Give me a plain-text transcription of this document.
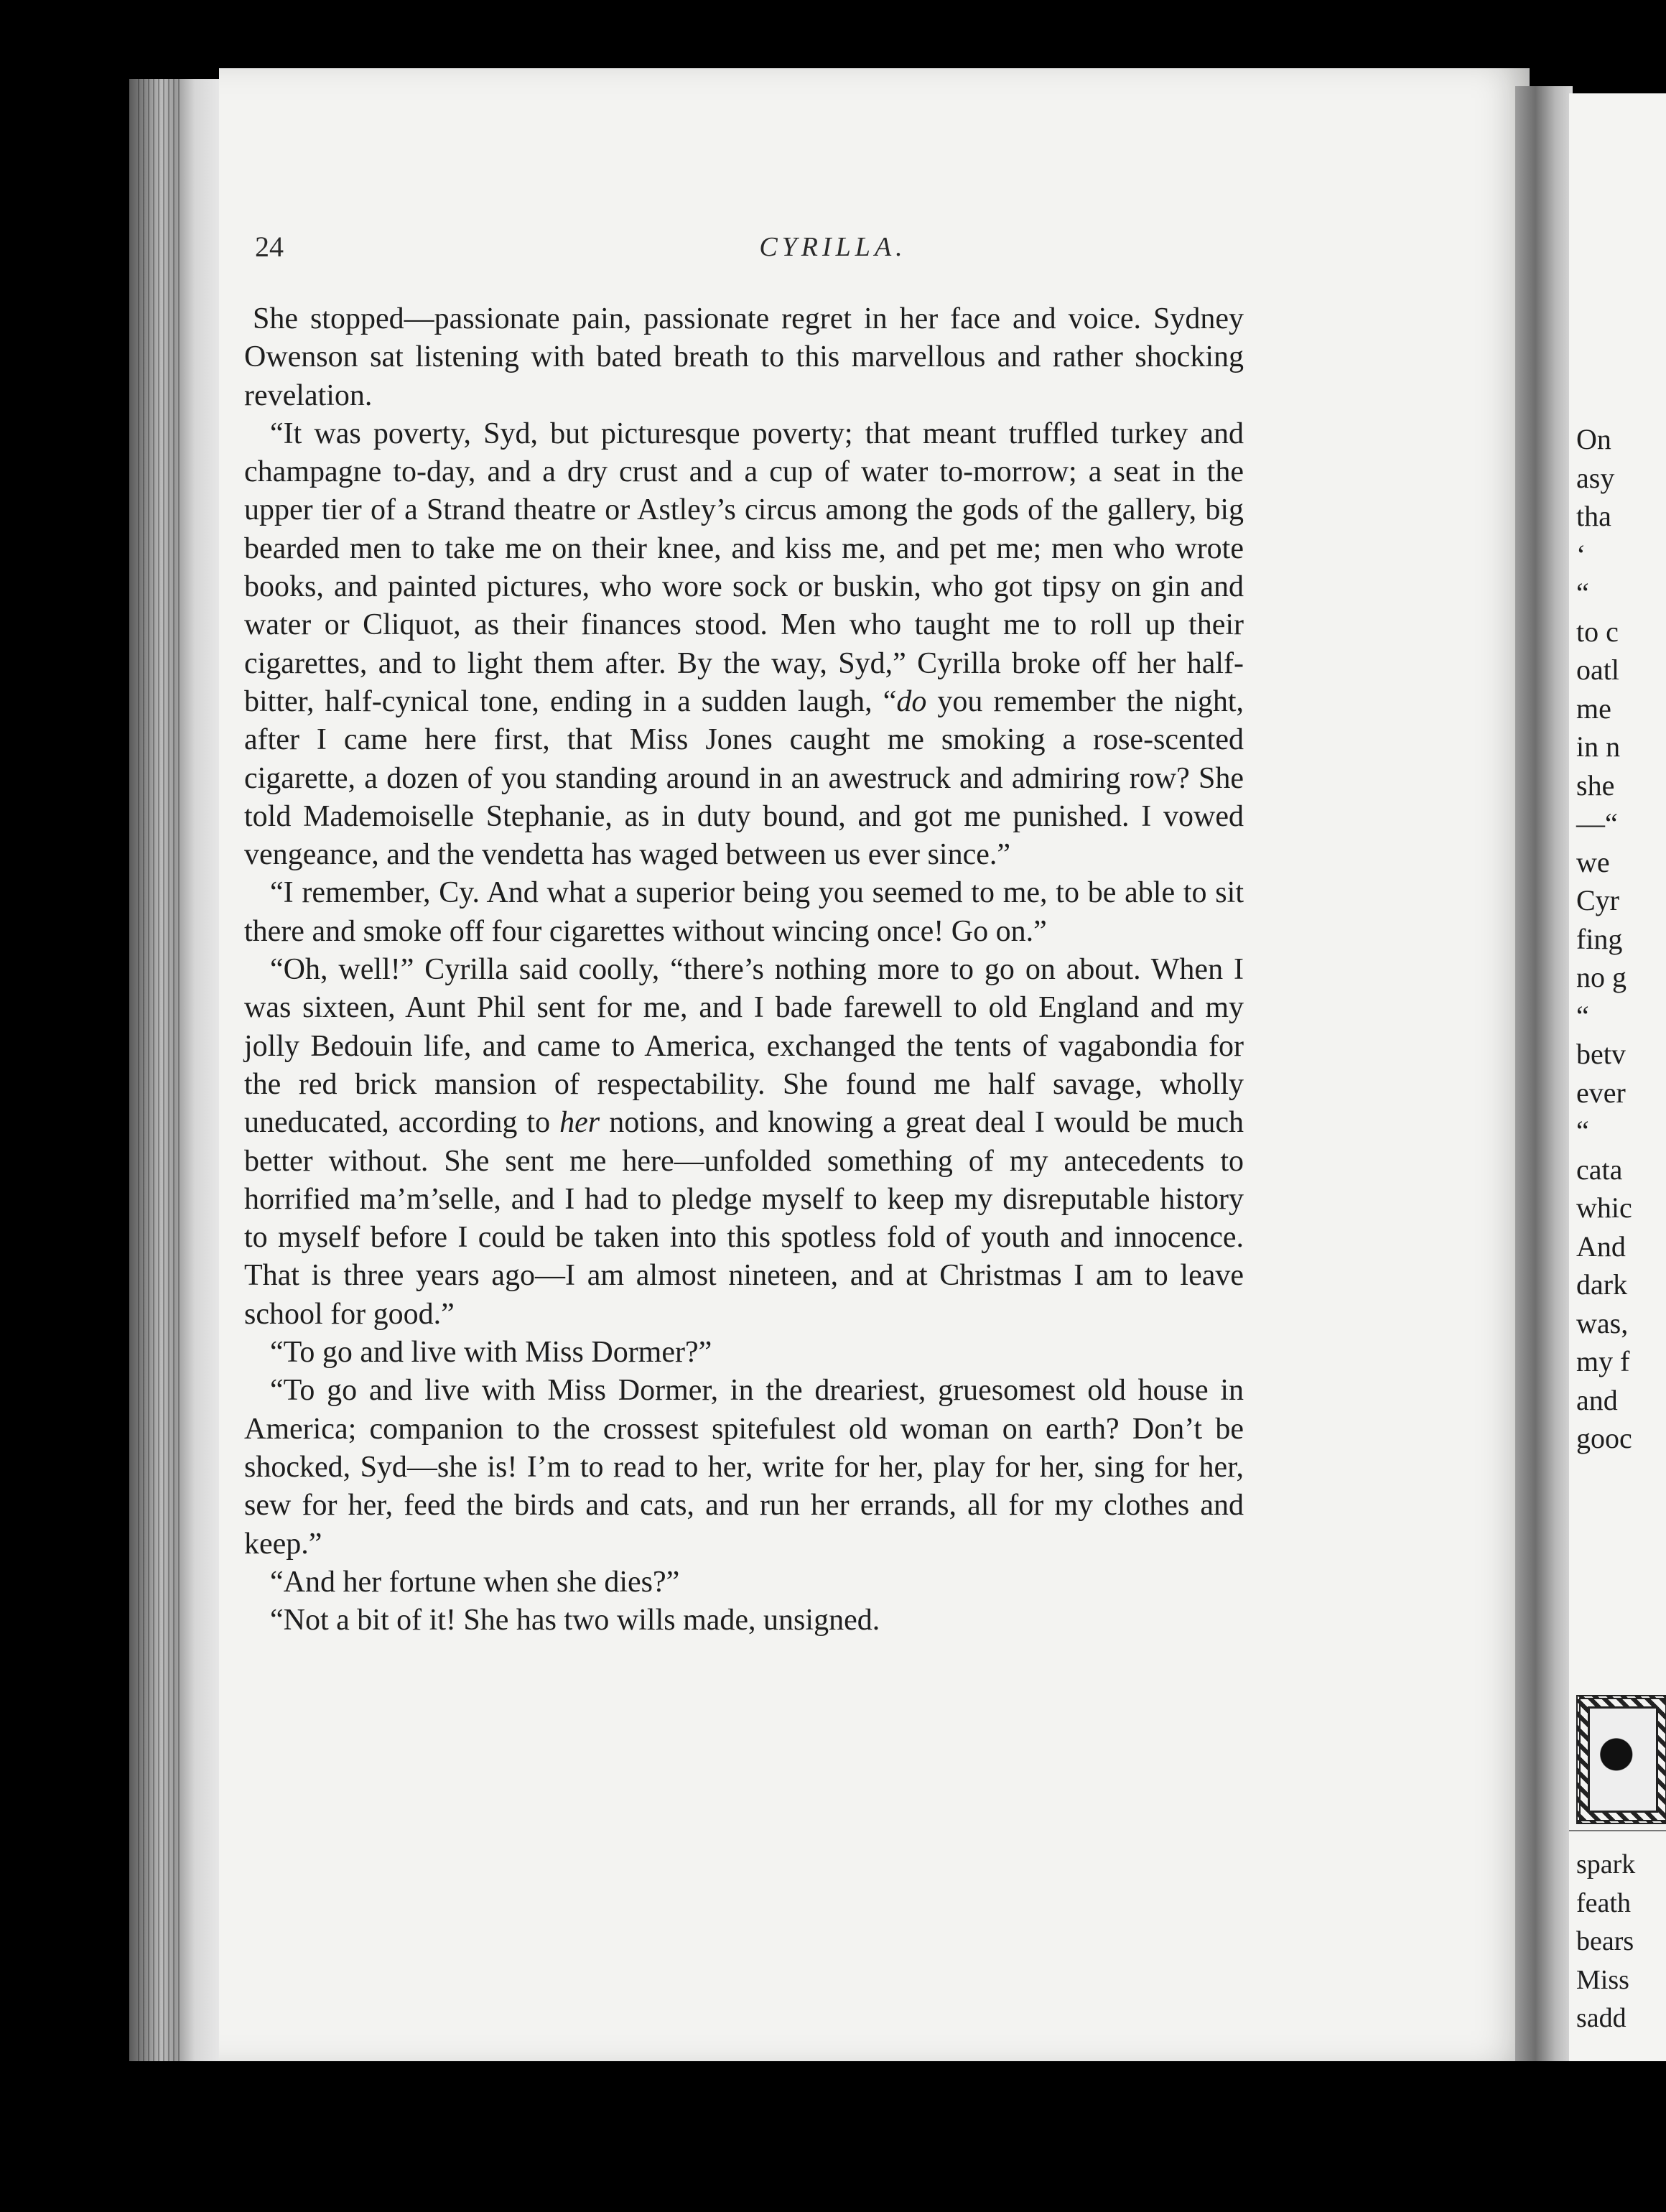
24	CYRILLA.

She stopped—passionate pain, passionate regret in her face and voice. Sydney Owenson sat listening with bated breath to this marvellous and rather shocking revelation.

“It was poverty, Syd, but picturesque poverty; that meant truffled turkey and champagne to-day, and a dry crust and a cup of water to-morrow; a seat in the upper tier of a Strand theatre or Astley’s circus among the gods of the gallery, big bearded men to take me on their knee, and kiss me, and pet me; men who wrote books, and painted pictures, who wore sock or buskin, who got tipsy on gin and water or Cliquot, as their finances stood. Men who taught me to roll up their cigarettes, and to light them after. By the way, Syd,” Cyrilla broke off her half-bitter, half-cynical tone, ending in a sudden laugh, “do you remember the night, after I came here first, that Miss Jones caught me smoking a rose-scented cigarette, a dozen of you standing around in an awestruck and admiring row? She told Mademoiselle Stephanie, as in duty bound, and got me punished. I vowed vengeance, and the vendetta has waged between us ever since.”

“I remember, Cy. And what a superior being you seemed to me, to be able to sit there and smoke off four cigarettes without wincing once! Go on.”

“Oh, well!” Cyrilla said coolly, “there’s nothing more to go on about. When I was sixteen, Aunt Phil sent for me, and I bade farewell to old England and my jolly Bedouin life, and came to America, exchanged the tents of vagabondia for the red brick mansion of respectability. She found me half savage, wholly uneducated, according to her notions, and knowing a great deal I would be much better without. She sent me here—unfolded something of my antecedents to horrified ma’m’selle, and I had to pledge myself to keep my disreputable history to myself before I could be taken into this spotless fold of youth and innocence. That is three years ago—I am almost nineteen, and at Christmas I am to leave school for good.”

“To go and live with Miss Dormer?”

“To go and live with Miss Dormer, in the dreariest, gruesomest old house in America; companion to the crossest spitefulest old woman on earth? Don’t be shocked, Syd—she is! I’m to read to her, write for her, play for her, sing for her, sew for her, feed the birds and cats, and run her errands, all for my clothes and keep.”

“And her fortune when she dies?”

“Not a bit of it! She has two wills made, unsigned.

On
asy
tha
‘
“
to c
oatl
me
in n
she
—“
we
Cyr
fing
no g
“
betv
ever
“
cata
whic
And
dark
was,
my f
and
gooc
spark
feath
bears
Miss
sadd
